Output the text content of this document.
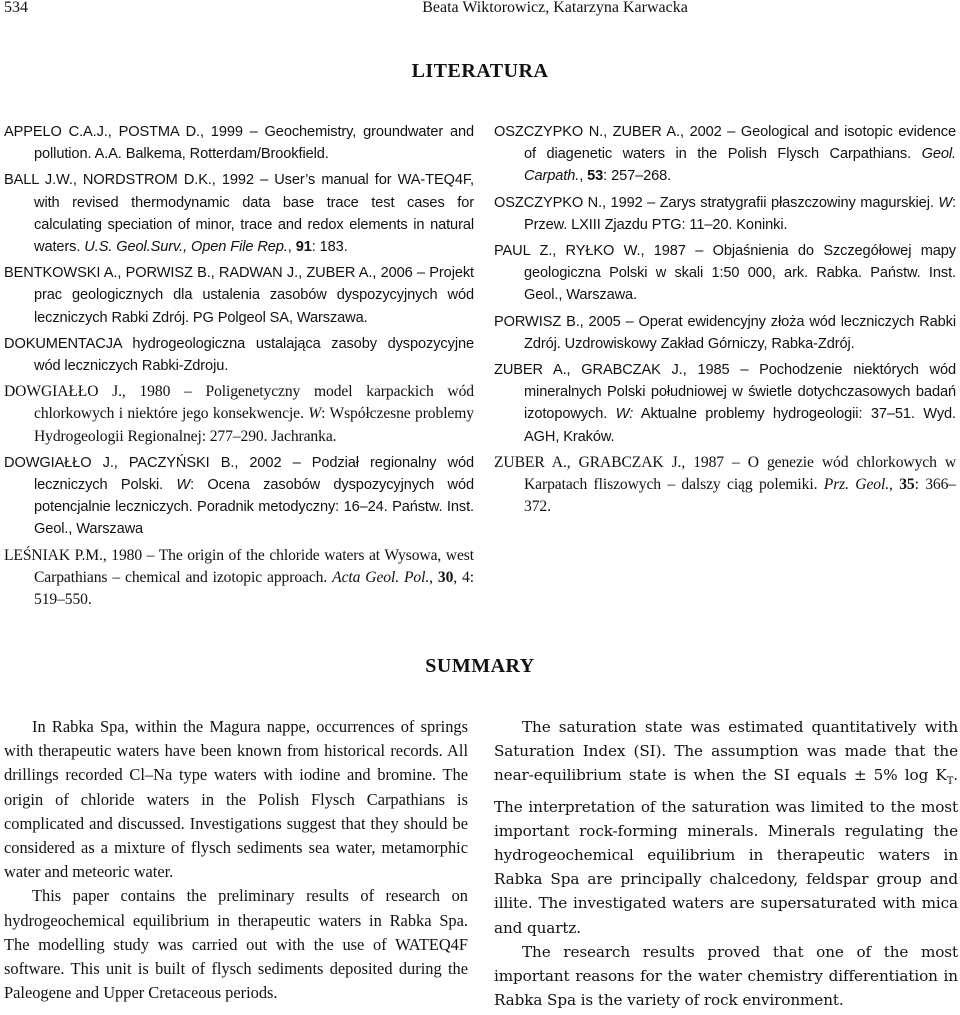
534	Beata Wiktorowicz, Katarzyna Karwacka
LITERATURA
APPELO C.A.J., POSTMA D., 1999 – Geochemistry, groundwater and pollution. A.A. Balkema, Rotterdam/Brookfield.
BALL J.W., NORDSTROM D.K., 1992 – User’s manual for WA-TEQ4F, with revised thermodynamic data base trace test cases for calculating speciation of minor, trace and redox elements in natural waters. U.S. Geol.Surv., Open File Rep., 91: 183.
BENTKOWSKI A., PORWISZ B., RADWAN J., ZUBER A., 2006 – Projekt prac geologicznych dla ustalenia zasobów dyspozycyjnych wód leczniczych Rabki Zdrój. PG Polgeol SA, Warszawa.
DOKUMENTACJA hydrogeologiczna ustalająca zasoby dyspozycyjne wód leczniczych Rabki-Zdroju.
DOWGIAŁŁO J., 1980 – Poligenetyczny model karpackich wód chlorkowych i niektóre jego konsekwencje. W: Współczesne problemy Hydrogeologii Regionalnej: 277–290. Jachranka.
DOWGIAŁŁO J., PACZYŃSKI B., 2002 – Podział regionalny wód leczniczych Polski. W: Ocena zasobów dyspozycyjnych wód potencjalnie leczniczych. Poradnik metodyczny: 16–24. Państw. Inst. Geol., Warszawa
LEŚNIAK P.M., 1980 – The origin of the chloride waters at Wysowa, west Carpathians – chemical and izotopic approach. Acta Geol. Pol., 30, 4: 519–550.
OSZCZYPKO N., ZUBER A., 2002 – Geological and isotopic evidence of diagenetic waters in the Polish Flysch Carpathians. Geol. Carpath., 53: 257–268.
OSZCZYPKO N., 1992 – Zarys stratygrafii płaszczowiny magurskiej. W: Przew. LXIII Zjazdu PTG: 11–20. Koninki.
PAUL Z., RYŁKO W., 1987 – Objaśnienia do Szczegółowej mapy geologiczna Polski w skali 1:50 000, ark. Rabka. Państw. Inst. Geol., Warszawa.
PORWISZ B., 2005 – Operat ewidencyjny złoża wód leczniczych Rabki Zdrój. Uzdrowiskowy Zakład Górniczy, Rabka-Zdrój.
ZUBER A., GRABCZAK J., 1985 – Pochodzenie niektórych wód mineralnych Polski południowej w świetle dotychczasowych badań izotopowych. W: Aktualne problemy hydrogeologii: 37–51. Wyd. AGH, Kraków.
ZUBER A., GRABCZAK J., 1987 – O genezie wód chlorkowych w Karpatach fliszowych – dalszy ciąg polemiki. Prz. Geol., 35: 366–372.
SUMMARY

In Rabka Spa, within the Magura nappe, occurrences of springs with therapeutic waters have been known from historical records. All drillings recorded Cl–Na type waters with iodine and bromine. The origin of chloride waters in the Polish Flysch Carpathians is complicated and discussed. Investigations suggest that they should be considered as a mixture of flysch sediments sea water, metamorphic water and meteoric water.

This paper contains the preliminary results of research on hydrogeochemical equilibrium in therapeutic waters in Rabka Spa. The modelling study was carried out with the use of WATEQ4F software. This unit is built of flysch sediments deposited during the Paleogene and Upper Cretaceous periods.

The saturation state was estimated quantitatively with Saturation Index (SI). The assumption was made that the near-equilibrium state is when the SI equals ± 5% $\log K_T$. The interpretation of the saturation was limited to the most important rock-forming minerals. Minerals regulating the hydrogeochemical equilibrium in therapeutic waters in Rabka Spa are principally chalcedony, feldspar group and illite. The investigated waters are supersaturated with mica and quartz.

The research results proved that one of the most important reasons for the water chemistry differentiation in Rabka Spa is the variety of rock environment.
